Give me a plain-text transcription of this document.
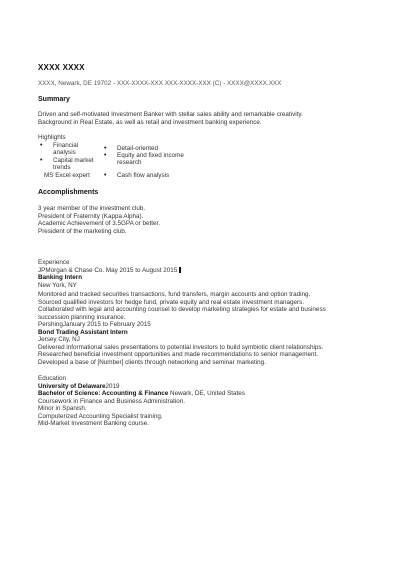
XXXX XXXX
XXXX, Newark, DE 19702 - XXX-XXXX-XXX XXX-XXXX-XXX (C) - XXXX@XXXX.XXX
Summary
Driven and self-motivated Investment Banker with stellar sales ability and remarkable creativity.
Background in Real Estate, as well as retail and investment banking experience.
Highlights
• Financial
analysis
• Capital market
trends
MS Excel expert
• Detail-oriented
• Equity and fixed income
research
• Cash flow analysis
Accomplishments
3 year member of the investment club.
President of Fraternity (Kappa Alpha).
Academic Achievement of 3.5GPA or better.
President of the marketing club.
Experience
JPMorgan & Chase Co. May 2015 to August 2015
Banking Intern
New York, NY
Monitored and tracked securities transactions, fund transfers, margin accounts and option trading.
Sourced qualified investors for hedge fund, private equity and real estate investment managers.
Collaborated with legal and accounting counsel to develop marketing strategies for estate and business
succession planning insurance.
PershingJanuary 2015 to February 2015
Bond Trading Assistant Intern
Jersey City, NJ
Delivered informational sales presentations to potential investors to build symbiotic client relationships.
Researched beneficial investment opportunities and made recommendations to senior management.
Developed a base of [Number] clients through networking and seminar marketing.
Education
University of Delaware2019
Bachelor of Science: Accounting & Finance Newark, DE, United States
Coursework in Finance and Business Administration.
Minor in Spanish.
Computerized Accounting Specialist training.
Mid-Market Investment Banking course.
